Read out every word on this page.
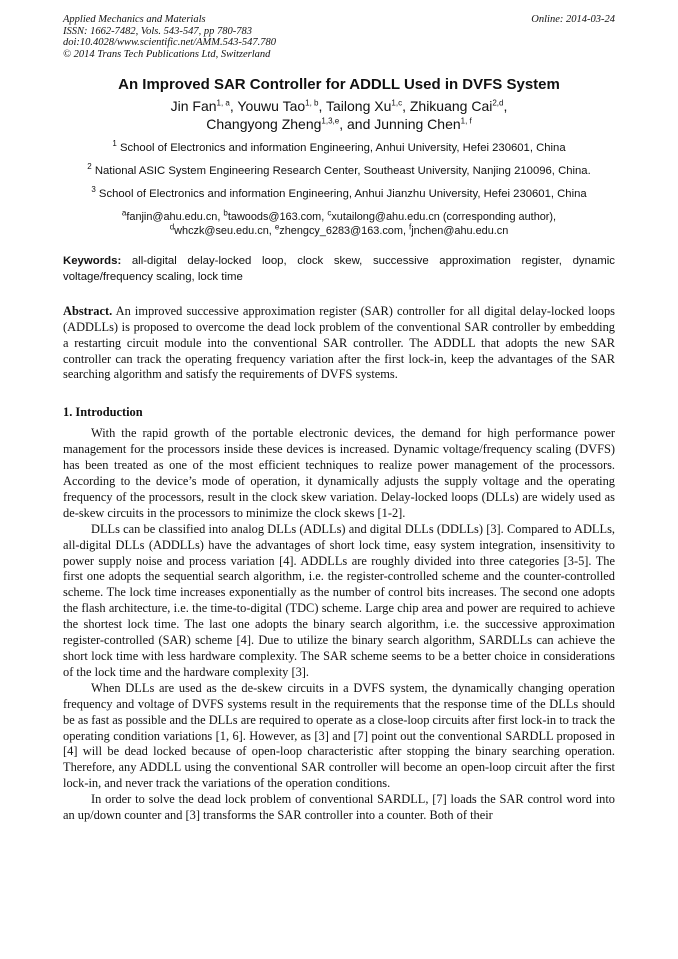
Applied Mechanics and Materials
ISSN: 1662-7482, Vols. 543-547, pp 780-783
doi:10.4028/www.scientific.net/AMM.543-547.780
© 2014 Trans Tech Publications Ltd, Switzerland
Online: 2014-03-24
An Improved SAR Controller for ADDLL Used in DVFS System
Jin Fan$^{1, a}$, Youwu Tao$^{1, b}$, Tailong Xu$^{1,c}$, Zhikuang Cai$^{2,d}$,
Changyong Zheng$^{1,3,e}$, and Junning Chen$^{1, f}$
$^1$ School of Electronics and information Engineering, Anhui University, Hefei 230601, China
$^2$ National ASIC System Engineering Research Center, Southeast University, Nanjing 210096, China.
$^3$ School of Electronics and information Engineering, Anhui Jianzhu University, Hefei 230601, China
$^a$fanjin@ahu.edu.cn, $^b$tawoods@163.com, $^c$xutailong@ahu.edu.cn (corresponding author),
$^d$whczk@seu.edu.cn, $^e$zhengcy_6283@163.com, $^f$jnchen@ahu.edu.cn
Keywords: all-digital delay-locked loop, clock skew, successive approximation register, dynamic voltage/frequency scaling, lock time
Abstract. An improved successive approximation register (SAR) controller for all digital delay-locked loops (ADDLLs) is proposed to overcome the dead lock problem of the conventional SAR controller by embedding a restarting circuit module into the conventional SAR controller. The ADDLL that adopts the new SAR controller can track the operating frequency variation after the first lock-in, keep the advantages of the SAR searching algorithm and satisfy the requirements of DVFS systems.
1. Introduction

With the rapid growth of the portable electronic devices, the demand for high performance power management for the processors inside these devices is increased. Dynamic voltage/frequency scaling (DVFS) has been treated as one of the most efficient techniques to realize power management of the processors. According to the device’s mode of operation, it dynamically adjusts the supply voltage and the operating frequency of the processors, result in the clock skew variation. Delay-locked loops (DLLs) are widely used as de-skew circuits in the processors to minimize the clock skews [1-2].

DLLs can be classified into analog DLLs (ADLLs) and digital DLLs (DDLLs) [3]. Compared to ADLLs, all-digital DLLs (ADDLLs) have the advantages of short lock time, easy system integration, insensitivity to power supply noise and process variation [4]. ADDLLs are roughly divided into three categories [3-5]. The first one adopts the sequential search algorithm, i.e. the register-controlled scheme and the counter-controlled scheme. The lock time increases exponentially as the number of control bits increases. The second one adopts the flash architecture, i.e. the time-to-digital (TDC) scheme. Large chip area and power are required to achieve the shortest lock time. The last one adopts the binary search algorithm, i.e. the successive approximation register-controlled (SAR) scheme [4]. Due to utilize the binary search algorithm, SARDLLs can achieve the short lock time with less hardware complexity. The SAR scheme seems to be a better choice in considerations of the lock time and the hardware complexity [3].

When DLLs are used as the de-skew circuits in a DVFS system, the dynamically changing operation frequency and voltage of DVFS systems result in the requirements that the response time of the DLLs should be as fast as possible and the DLLs are required to operate as a close-loop circuits after first lock-in to track the operating condition variations [1, 6]. However, as [3] and [7] point out the conventional SARDLL proposed in [4] will be dead locked because of open-loop characteristic after stopping the binary searching operation. Therefore, any ADDLL using the conventional SAR controller will become an open-loop circuit after the first lock-in, and never track the variations of the operation conditions.

In order to solve the dead lock problem of conventional SARDLL, [7] loads the SAR control word into an up/down counter and [3] transforms the SAR controller into a counter. Both of their
